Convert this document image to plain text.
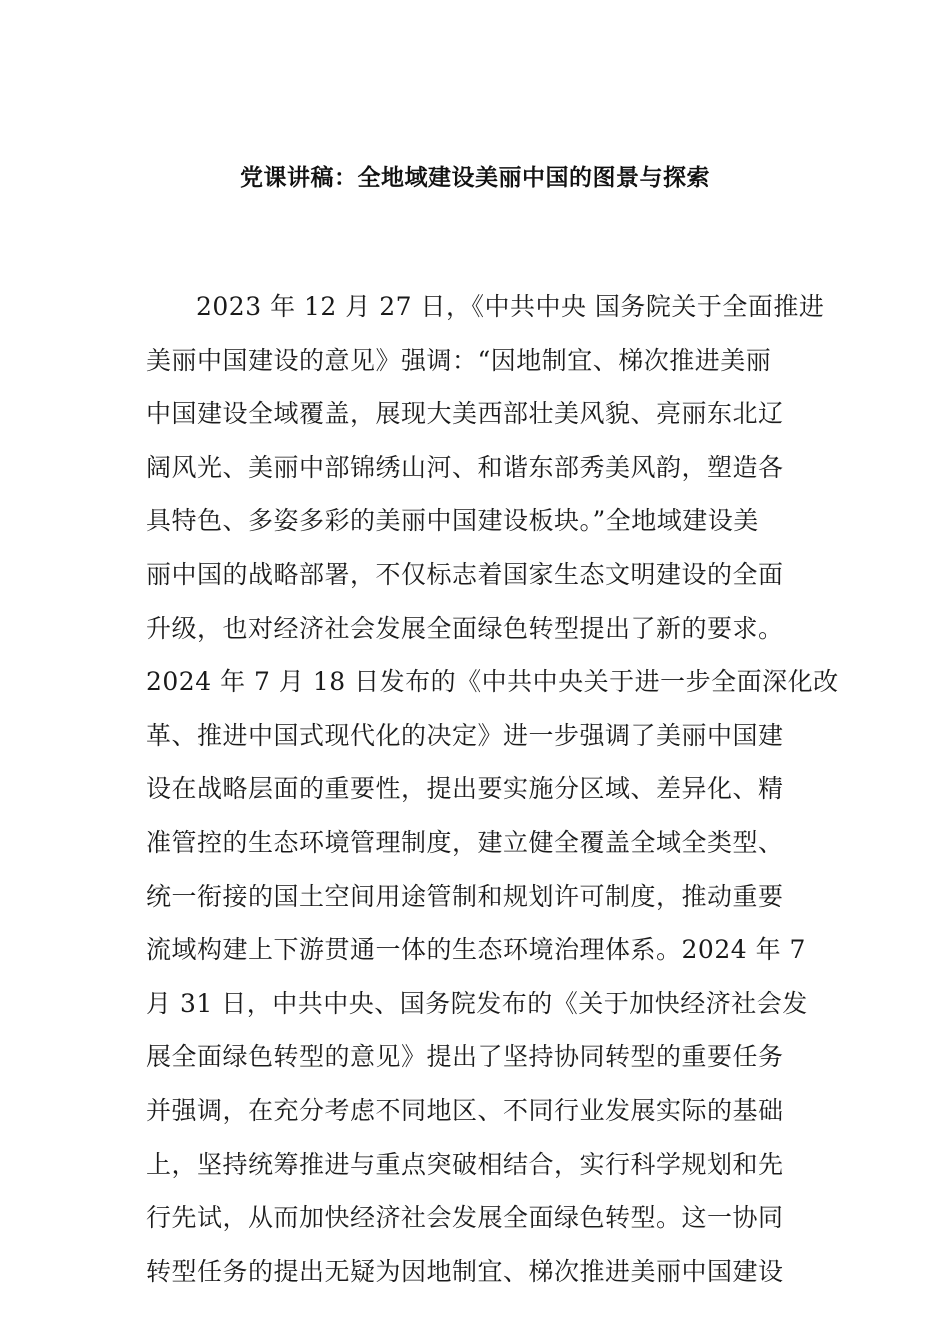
党课讲稿：全地域建设美丽中国的图景与探索
2023 年 12 月 27 日，《中共中央 国务院关于全面推进
美丽中国建设的意见》强调：“因地制宜、梯次推进美丽
中国建设全域覆盖，展现大美西部壮美风貌、亮丽东北辽
阔风光、美丽中部锦绣山河、和谐东部秀美风韵，塑造各
具特色、多姿多彩的美丽中国建设板块。”全地域建设美
丽中国的战略部署，不仅标志着国家生态文明建设的全面
升级，也对经济社会发展全面绿色转型提出了新的要求。
2024 年 7 月 18 日发布的《中共中央关于进一步全面深化改
革、推进中国式现代化的决定》进一步强调了美丽中国建
设在战略层面的重要性，提出要实施分区域、差异化、精
准管控的生态环境管理制度，建立健全覆盖全域全类型、
统一衔接的国土空间用途管制和规划许可制度，推动重要
流域构建上下游贯通一体的生态环境治理体系。2024 年 7
月 31 日，中共中央、国务院发布的《关于加快经济社会发
展全面绿色转型的意见》提出了坚持协同转型的重要任务
并强调，在充分考虑不同地区、不同行业发展实际的基础
上，坚持统筹推进与重点突破相结合，实行科学规划和先
行先试，从而加快经济社会发展全面绿色转型。这一协同
转型任务的提出无疑为因地制宜、梯次推进美丽中国建设
